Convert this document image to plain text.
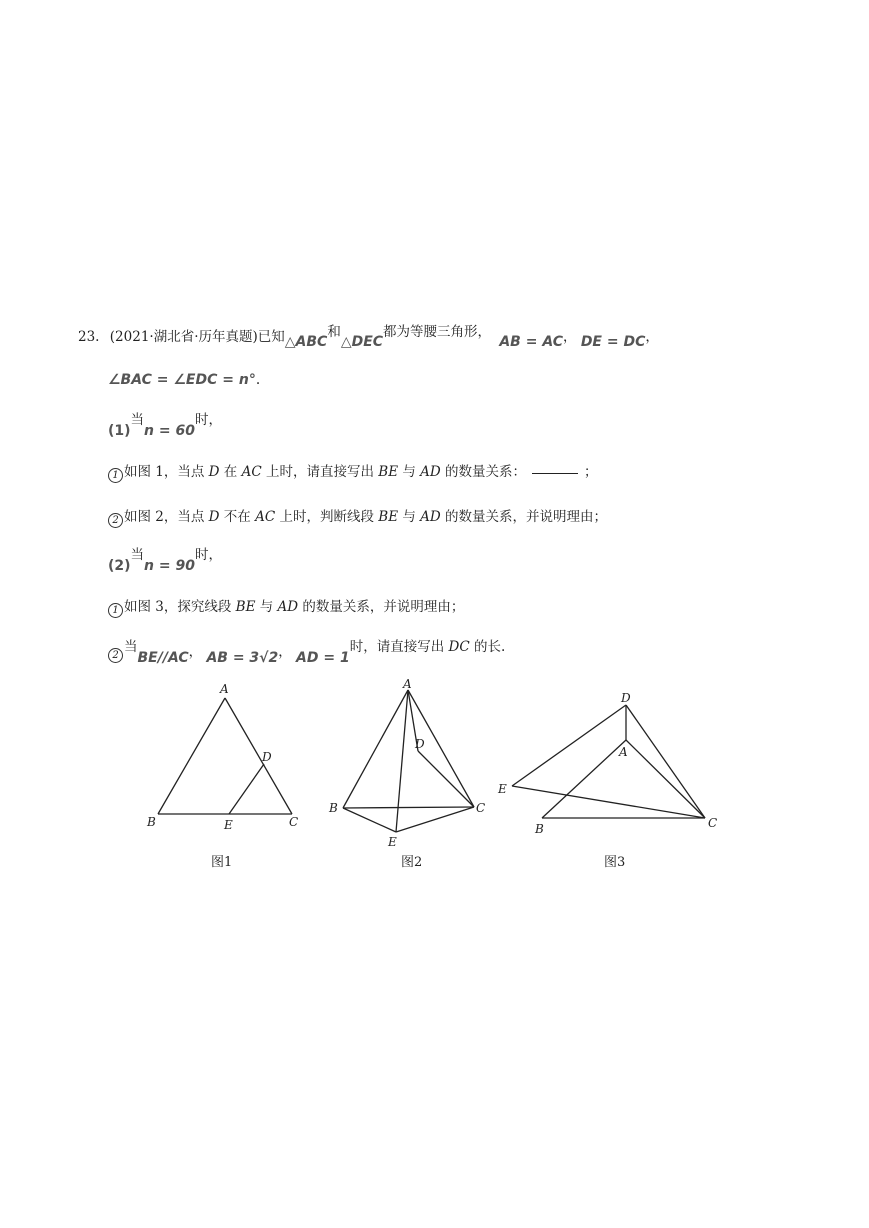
23. (2021·湖北省·历年真题)已知△ABC和△DEC都为等腰三角形， AB = AC， DE = DC，
∠BAC = ∠EDC = n°.
(1)当n = 60时，
1 如图 1，当点 D 在 AC 上时，请直接写出 BE 与 AD 的数量关系：	；
2 如图 2，当点 D 不在 AC 上时，判断线段 BE 与 AD 的数量关系，并说明理由；
(2)当n = 90时，
1 如图 3，探究线段 BE 与 AD 的数量关系，并说明理由；
2当BE//AC， AB = 3√2， AD = 1时，请直接写出 DC 的长.
A
B	C
D
E
图1
A
B	C
D
E
图2
D
A
E
B	C
图3
